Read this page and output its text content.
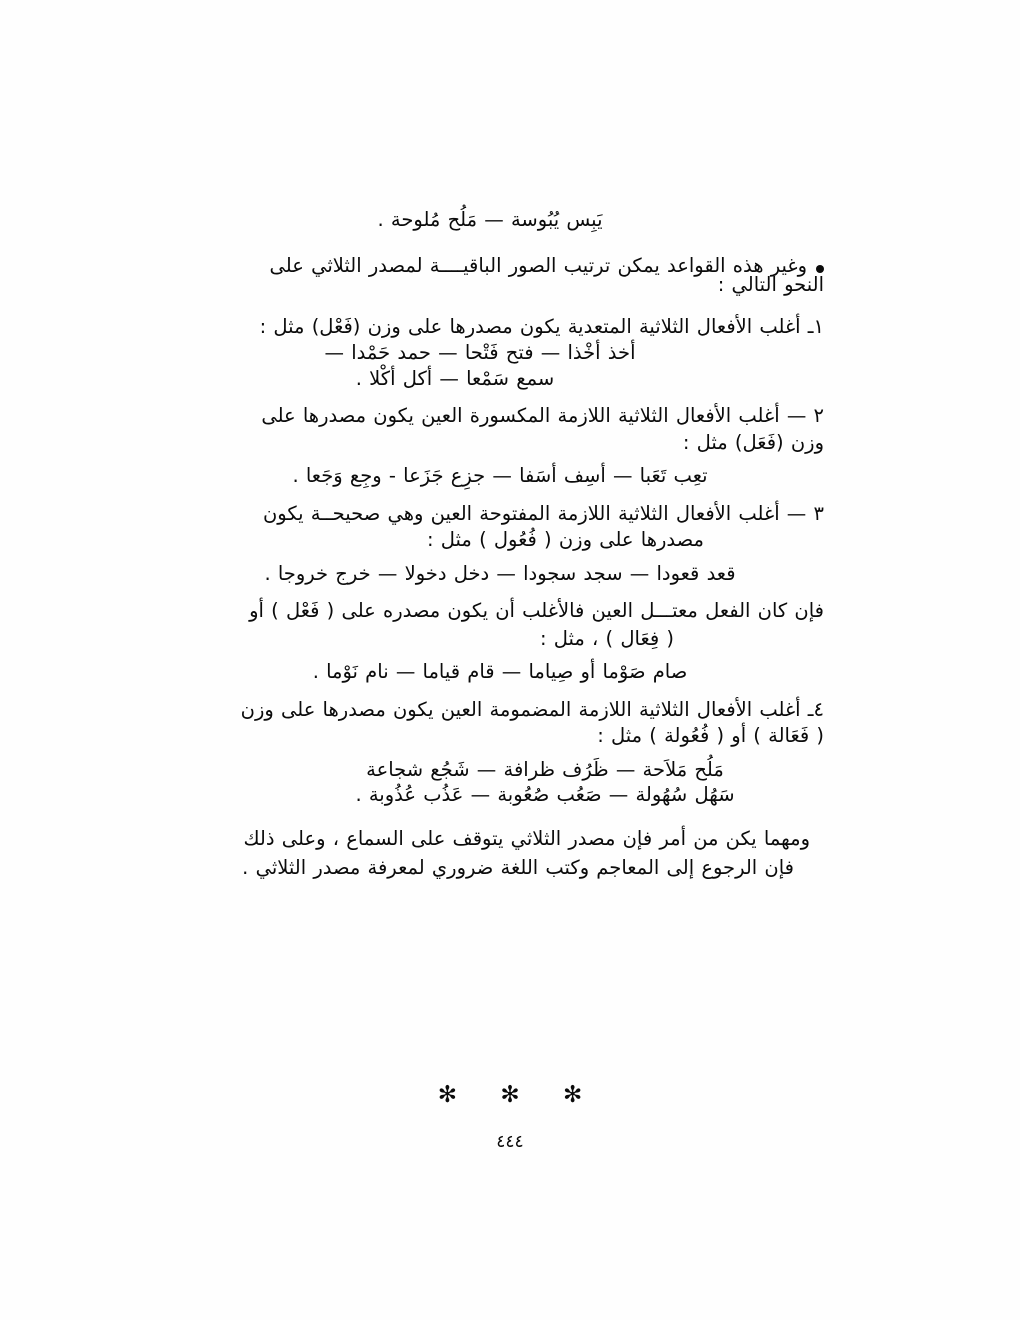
يَبِس يُبُوسة — مَلُح مُلوحة .
وغير هذه القواعد يمكن ترتيب الصور الباقيــــة لمصدر الثلاثي على
النحو التالي :
١ـ أغلب الأفعال الثلاثية المتعدية يكون مصدرها على وزن (فَعْل) مثل :
أخذ أخْذا — فتح فَتْحا — حمد حَمْدا —
سمع سَمْعا — أكل أكْلا .
٢ — أغلب الأفعال الثلاثية اللازمة المكسورة العين يكون مصدرها على
وزن (فَعَل) مثل :
تعِب تَعَبا — أسِف أسَفا — جزِع جَزَعا - وجِع وَجَعا .
٣ — أغلب الأفعال الثلاثية اللازمة المفتوحة العين وهي صحيحــة يكون
مصدرها على وزن ( فُعُول ) مثل :
قعد قعودا — سجد سجودا — دخل دخولا — خرج خروجا .
فإن كان الفعل معتـــل العين فالأغلب أن يكون مصدره على ( فَعْل ) أو
( فِعَال ) ، مثل :
صام صَوْما أو صِياما — قام قياما — نام نَوْما .
٤ـ أغلب الأفعال الثلاثية اللازمة المضمومة العين يكون مصدرها على وزن
( فَعَالة ) أو ( فُعُولة ) مثل :
مَلُح مَلاَحة — ظَرُف ظرافة — شَجُع شجاعة
سَهُل سُهُولة — صَعُب صُعُوبة — عَذُب عُذُوبة .
ومهما يكن من أمر فإن مصدر الثلاثي يتوقف على السماع ، وعلى ذلك
فإن الرجوع إلى المعاجم وكتب اللغة ضروري لمعرفة مصدر الثلاثي .
✻ ✻ ✻
٤٤٤
